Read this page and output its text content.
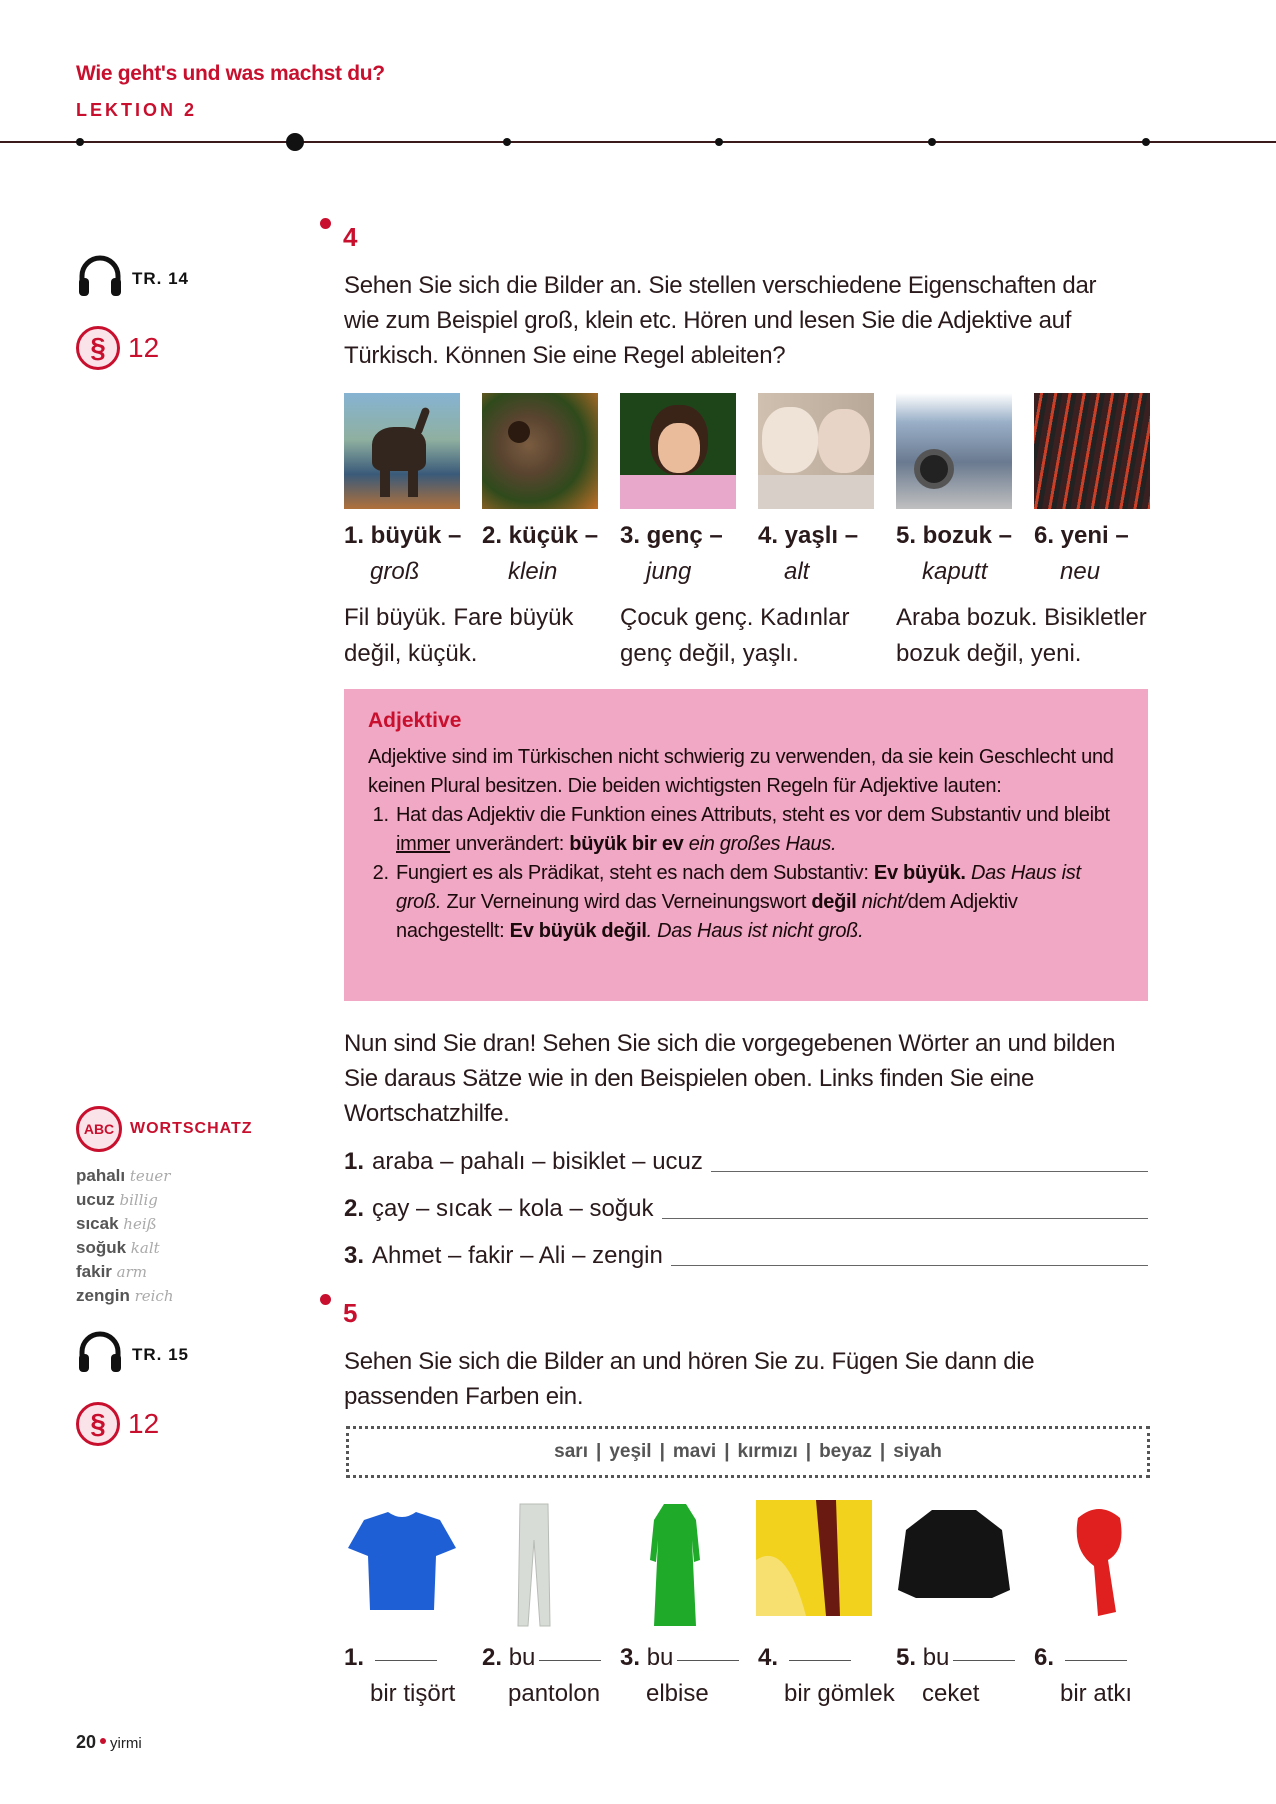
Wie geht's und was machst du?
LEKTION 2
TR. 14
§ 12
4
Sehen Sie sich die Bilder an. Sie stellen verschiedene Eigenschaften dar wie zum Beispiel groß, klein etc. Hören und lesen Sie die Adjektive auf Türkisch. Können Sie eine Regel ableiten?
1. büyük –
groß
2. küçük –
klein
3. genç –
jung
4. yaşlı –
alt
5. bozuk –
kaputt
6. yeni –
neu
Fil büyük. Fare büyük değil, küçük.
Çocuk genç. Kadınlar genç değil, yaşlı.
Araba bozuk. Bisikletler bozuk değil, yeni.
Adjektive

Adjektive sind im Türkischen nicht schwierig zu verwenden, da sie kein Geschlecht und keinen Plural besitzen. Die beiden wichtigsten Regeln für Adjektive lauten:

1. Hat das Adjektiv die Funktion eines Attributs, steht es vor dem Substantiv und bleibt immer unverändert: büyük bir ev ein großes Haus.
2. Fungiert es als Prädikat, steht es nach dem Substantiv: Ev büyük. Das Haus ist groß. Zur Verneinung wird das Verneinungswort değil nicht/dem Adjektiv nachgestellt: Ev büyük değil. Das Haus ist nicht groß.
Nun sind Sie dran! Sehen Sie sich die vorgegebenen Wörter an und bilden Sie daraus Sätze wie in den Beispielen oben. Links finden Sie eine Wortschatzhilfe.
1. araba – pahalı – bisiklet – ucuz
2. çay – sıcak – kola – soğuk
3. Ahmet – fakir – Ali – zengin
ABC WORTSCHATZ
pahalı teuer
ucuz billig
sıcak heiß
soğuk kalt
fakir arm
zengin reich
TR. 15
§ 12
5
Sehen Sie sich die Bilder an und hören Sie zu. Fügen Sie dann die passenden Farben ein.
sarı | yeşil | mavi | kırmızı | beyaz | siyah
1.
bir tişört
2. bu
pantolon
3. bu
elbise
4.
bir gömlek
5. bu
ceket
6.
bir atkı
20 yirmi
